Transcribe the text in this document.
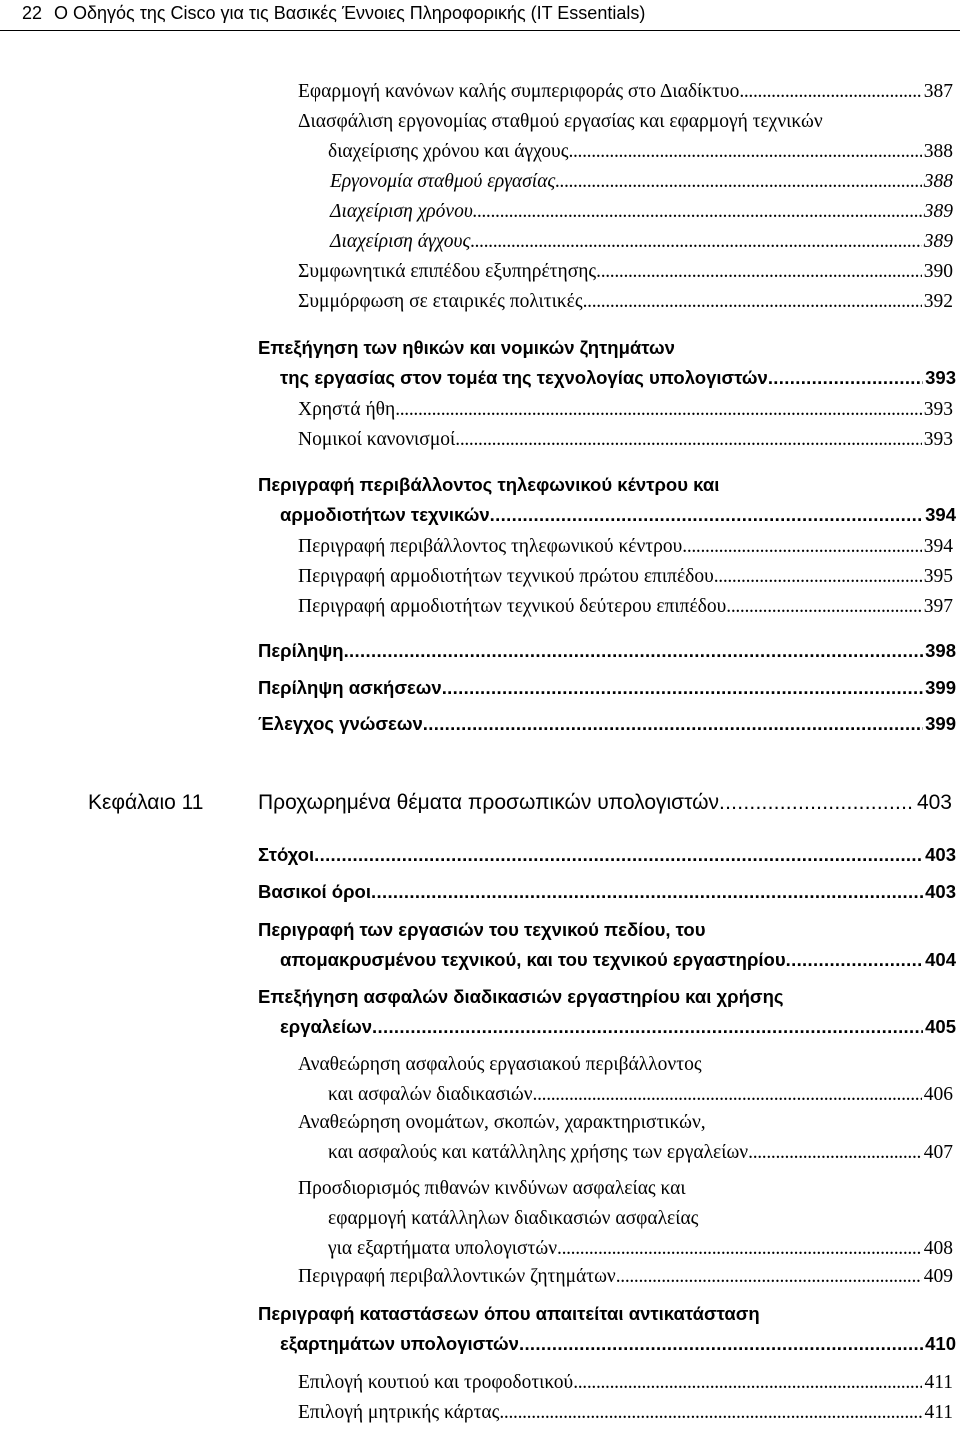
22 Ο Οδηγός της Cisco για τις Βασικές Έννοιες Πληροφορικής (IT Essentials)
Εφαρμογή κανόνων καλής συμπεριφοράς στο Διαδίκτυο . . .	387
Διασφάλιση εργονομίας σταθμού εργασίας και εφαρμογή τεχνικών
διαχείρισης χρόνου και άγχους . . .	388
Εργονομία σταθμού εργασίας . . .	388
Διαχείριση χρόνου . . .	389
Διαχείριση άγχους . . .	389
Συμφωνητικά επιπέδου εξυπηρέτησης . . .	390
Συμμόρφωση σε εταιρικές πολιτικές . . .	392
Επεξήγηση των ηθικών και νομικών ζητημάτων
της εργασίας στον τομέα της τεχνολογίας υπολογιστών . . .	393
Χρηστά ήθη . . .	393
Νομικοί κανονισμοί . . .	393
Περιγραφή περιβάλλοντος τηλεφωνικού κέντρου και
αρμοδιοτήτων τεχνικών . . .	394
Περιγραφή περιβάλλοντος τηλεφωνικού κέντρου . . .	394
Περιγραφή αρμοδιοτήτων τεχνικού πρώτου επιπέδου . . .	395
Περιγραφή αρμοδιοτήτων τεχνικού δεύτερου επιπέδου . . .	397
Περίληψη . . .	398
Περίληψη ασκήσεων . . .	399
Έλεγχος γνώσεων . . .	399
Κεφάλαιο 11	Προχωρημένα θέματα προσωπικών υπολογιστών . . .	403
Στόχοι . . .	403
Βασικοί όροι . . .	403
Περιγραφή των εργασιών του τεχνικού πεδίου, του
απομακρυσμένου τεχνικού, και του τεχνικού εργαστηρίου . . .	404
Επεξήγηση ασφαλών διαδικασιών εργαστηρίου και χρήσης
εργαλείων . . .	405
Αναθεώρηση ασφαλούς εργασιακού περιβάλλοντος
και ασφαλών διαδικασιών . . .	406
Αναθεώρηση ονομάτων, σκοπών, χαρακτηριστικών,
και ασφαλούς και κατάλληλης χρήσης των εργαλείων . . .	407
Προσδιορισμός πιθανών κινδύνων ασφαλείας και
εφαρμογή κατάλληλων διαδικασιών ασφαλείας
για εξαρτήματα υπολογιστών . . .	408
Περιγραφή περιβαλλοντικών ζητημάτων . . .	409
Περιγραφή καταστάσεων όπου απαιτείται αντικατάσταση
εξαρτημάτων υπολογιστών . . .	410
Επιλογή κουτιού και τροφοδοτικού . . .	411
Επιλογή μητρικής κάρτας . . .	411
